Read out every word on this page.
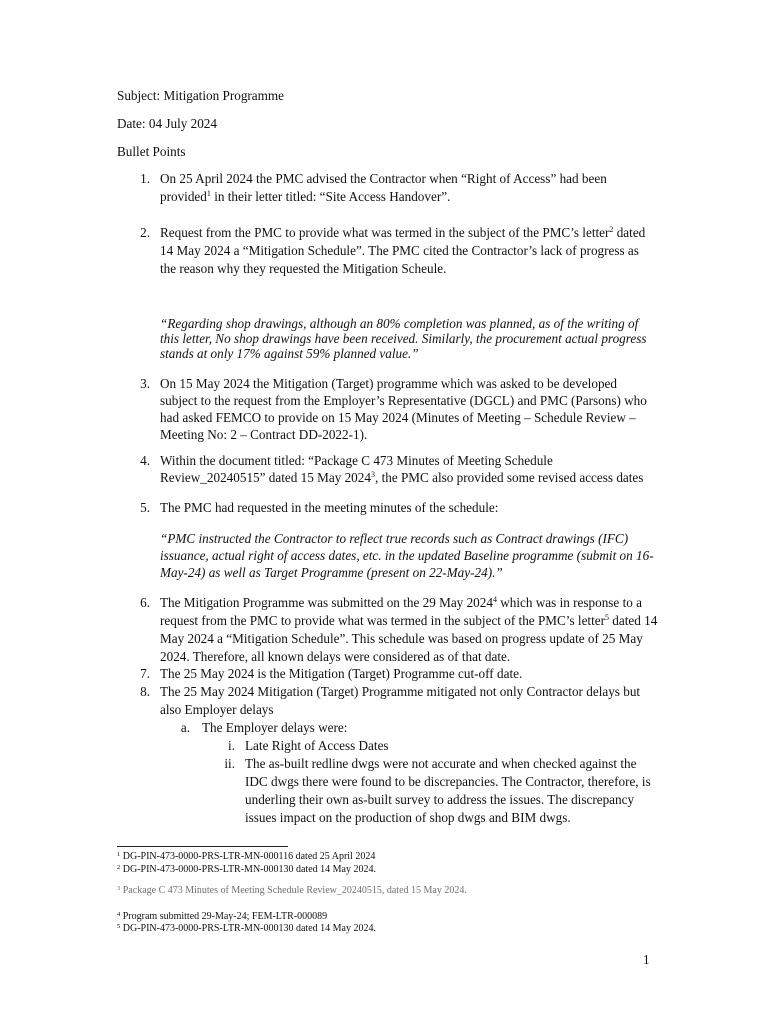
Subject: Mitigation Programme
Date: 04 July 2024
Bullet Points
1. On 25 April 2024 the PMC advised the Contractor when “Right of Access” had been
provided$^1$ in their letter titled: “Site Access Handover”.
2. Request from the PMC to provide what was termed in the subject of the PMC’s letter$^2$ dated
14 May 2024 a “Mitigation Schedule”. The PMC cited the Contractor’s lack of progress as
the reason why they requested the Mitigation Scheule.
“Regarding shop drawings, although an 80% completion was planned, as of the writing of
this letter, No shop drawings have been received. Similarly, the procurement actual progress
stands at only 17% against 59% planned value.”
3. On 15 May 2024 the Mitigation (Target) programme which was asked to be developed
subject to the request from the Employer’s Representative (DGCL) and PMC (Parsons) who
had asked FEMCO to provide on 15 May 2024 (Minutes of Meeting – Schedule Review –
Meeting No: 2 – Contract DD-2022-1).
4. Within the document titled: “Package C 473 Minutes of Meeting Schedule
Review_20240515” dated 15 May 2024$^3$, the PMC also provided some revised access dates
5. The PMC had requested in the meeting minutes of the schedule:
“PMC instructed the Contractor to reflect true records such as Contract drawings (IFC)
issuance, actual right of access dates, etc. in the updated Baseline programme (submit on 16-
May-24) as well as Target Programme (present on 22-May-24).”
6. The Mitigation Programme was submitted on the 29 May 2024$^4$ which was in response to a
request from the PMC to provide what was termed in the subject of the PMC’s letter$^5$ dated 14
May 2024 a “Mitigation Schedule”. This schedule was based on progress update of 25 May
2024. Therefore, all known delays were considered as of that date.
7. The 25 May 2024 is the Mitigation (Target) Programme cut-off date.
8. The 25 May 2024 Mitigation (Target) Programme mitigated not only Contractor delays but
also Employer delays
a. The Employer delays were:
i. Late Right of Access Dates
ii. The as-built redline dwgs were not accurate and when checked against the
IDC dwgs there were found to be discrepancies. The Contractor, therefore, is
underling their own as-built survey to address the issues. The discrepancy
issues impact on the production of shop dwgs and BIM dwgs.
$^1$ DG-PIN-473-0000-PRS-LTR-MN-000116 dated 25 April 2024
$^2$ DG-PIN-473-0000-PRS-LTR-MN-000130 dated 14 May 2024.
$^3$ Package C 473 Minutes of Meeting Schedule Review_20240515, dated 15 May 2024.
$^4$ Program submitted 29-May-24; FEM-LTR-000089
$^5$ DG-PIN-473-0000-PRS-LTR-MN-000130 dated 14 May 2024.
1
